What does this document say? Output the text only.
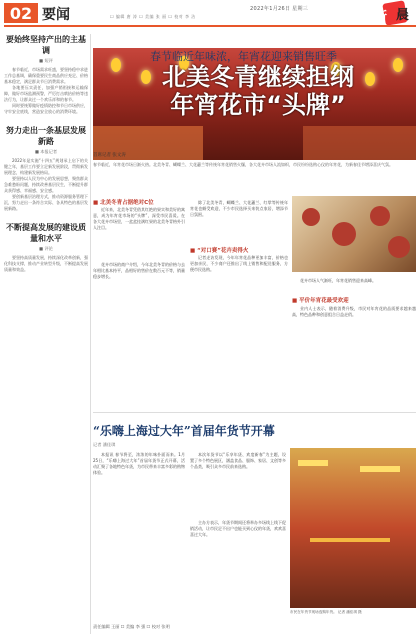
02 要闻	2022年1月26日 星期三
☐ 编辑 唐 涛 ☐ 美编 张 丽 ☐ 校对 李 洁	新 晨
要始终坚持产出的主基调
■ 短评

春节临近，市场需求旺盛，要坚持稳中求进工作总基调，确保重要民生商品供应充足、价格基本稳定，满足群众节日消费需求。

各地要压实责任，加强产销衔接和运输保障，做好市场监测预警，严厉打击哄抬价格等违法行为，让群众过一个欢乐祥和的春节。

同时要统筹做好疫情防控和节日市场供应，守牢安全底线，营造安全放心的消费环境。

努力走出一条基层发展新路
■ 本报记者

2022年是实施“十四五”规划承上启下的关键之年，基层工作要立足新发展阶段，贯彻新发展理念，构建新发展格局。

要坚持以人民为中心的发展思想，聚焦群众急难愁盼问题，持续改善基层民生，不断提升群众获得感、幸福感、安全感。

要创新基层治理方式，推动资源服务管理下沉，努力走出一条符合实际、各具特色的基层发展新路。

不断提高发展的建设质量和水平
■ 评论

要坚持高质量发展，持续深化改革创新，强化科技支撑，推动产业转型升级，不断提高发展质量和效益。

春节临近年味浓，年宵花迎来销售旺季
北美冬青继续担纲
年宵花市“头牌”
首席记者 张文涛

春节临近，年宵花市场日渐火热。北美冬青、蝴蝶兰、大花蕙兰等传统年宵花销售火爆，各大花卉市场人流如织，市民纷纷选购心仪的年宵花，为新春佳节增添喜庆气氛。

■ 北美冬青占据绝对C位

近年来，北美冬青凭借其红艳的果实和美好的寓意，成为年宵花市场的“头牌”，深受市民喜爱。在各大花卉市场里，一盆盆挂满红果的北美冬青格外引人注目。

花卉市场的商户介绍，今年北美冬青的价格与去年相比基本持平，品相好的售价在数百元不等，销量稳步增长。

■ “对口赛”花卉卖得火

除了北美冬青，蝴蝶兰、大花蕙兰、红掌等传统年宵花也颇受欢迎，不少市民选择买来装点家居，增添节日氛围。

记者走访发现，今年年宵花品种更加丰富，价格也更加亲民，不少商户还推出了线上销售和配送服务，方便市民选购。

■ 平价年宵花最受欢迎

花卉市场人气渐旺，年宵花销售迎来高峰。

业内人士表示，随着消费升级，市民对年宵花的品质要求越来越高，特色品种和创意组合日益走俏。

“乐嗨上海过大年”首届年货节开幕
记者 潘佳琪

本报讯 春节将至，浓浓的年味扑面而来。1月25日，“乐嗨上海过大年”首届年货节正式开幕，活动汇聚了各地特色年货，为市民带来丰富多彩的购物体验。

本次年货节以“乐享年货、欢度新春”为主题，设置了多个特色展区，涵盖食品、服饰、家居、文创等多个品类，吸引众多市民前来选购。

主办方表示，年货节期间还将举办多场线上线下促销活动，让市民足不出户也能买到心仪的年货，欢欢喜喜过大年。

市民在年货节现场选购年货。 记者 潘佳琪 摄

责任编辑 王丽 ☐ 美编 李 强 ☐ 校对 张明
